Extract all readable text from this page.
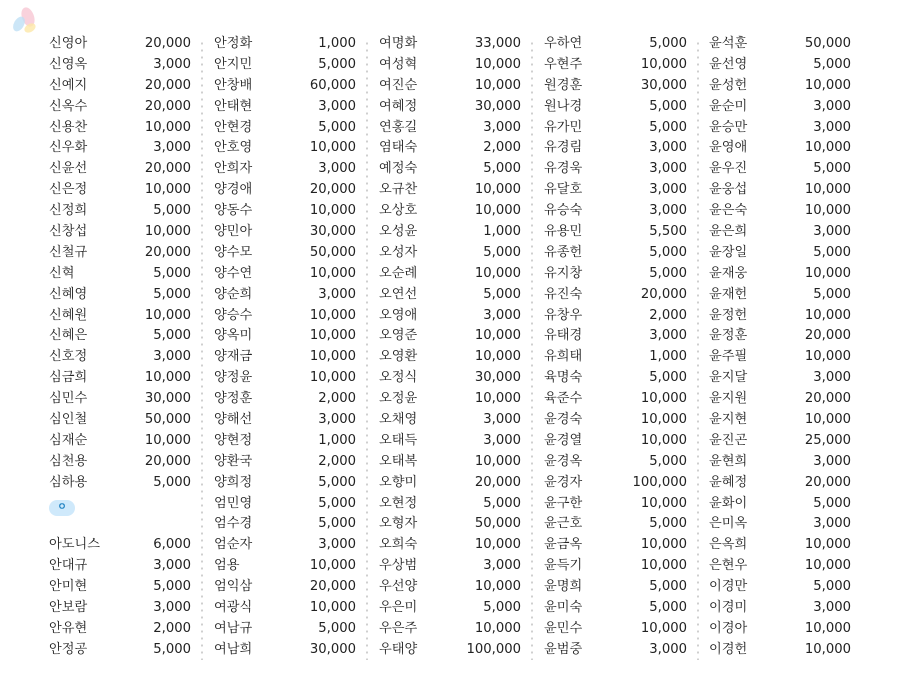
신영아	20,000
신영옥	3,000
신예지	20,000
신옥수	20,000
신용찬	10,000
신우화	3,000
신윤선	20,000
신은정	10,000
신정희	5,000
신창섭	10,000
신철규	20,000
신혁	5,000
신혜영	5,000
신혜원	10,000
신혜은	5,000
신호정	3,000
심금희	10,000
심민수	30,000
심인철	50,000
심재순	10,000
심천용	20,000
심하용	5,000
ㅇ
아도니스	6,000
안대규	3,000
안미현	5,000
안보람	3,000
안유현	2,000
안정공	5,000
안정화	1,000
안지민	5,000
안창배	60,000
안태현	3,000
안현경	5,000
안호영	10,000
안희자	3,000
양경애	20,000
양동수	10,000
양민아	30,000
양수모	50,000
양수연	10,000
양순희	3,000
양승수	10,000
양옥미	10,000
양재금	10,000
양정윤	10,000
양정훈	2,000
양해선	3,000
양현정	1,000
양환국	2,000
양희정	5,000
엄민영	5,000
엄수경	5,000
엄순자	3,000
엄용	10,000
엄익삼	20,000
여광식	10,000
여남규	5,000
여남희	30,000
여명화	33,000
여성혁	10,000
여진순	10,000
여혜정	30,000
연홍길	3,000
염태숙	2,000
예정숙	5,000
오규찬	10,000
오상호	10,000
오성윤	1,000
오성자	5,000
오순례	10,000
오연선	5,000
오영애	3,000
오영준	10,000
오영환	10,000
오정식	30,000
오정윤	10,000
오채영	3,000
오태득	3,000
오태복	10,000
오향미	20,000
오현정	5,000
오형자	50,000
오희숙	10,000
우상범	3,000
우선양	10,000
우은미	5,000
우은주	10,000
우태양	100,000
우하연	5,000
우현주	10,000
원경훈	30,000
원나경	5,000
유가민	5,000
유경림	3,000
유경욱	3,000
유달호	3,000
유승숙	3,000
유용민	5,500
유종헌	5,000
유지창	5,000
유진숙	20,000
유창우	2,000
유태경	3,000
유희태	1,000
육명숙	5,000
육준수	10,000
윤경숙	10,000
윤경열	10,000
윤경옥	5,000
윤경자	100,000
윤구한	10,000
윤근호	5,000
윤금옥	10,000
윤득기	10,000
윤명희	5,000
윤미숙	5,000
윤민수	10,000
윤범중	3,000
윤석훈	50,000
윤선영	5,000
윤성헌	10,000
윤순미	3,000
윤승만	3,000
윤영애	10,000
윤우진	5,000
윤웅섭	10,000
윤은숙	10,000
윤은희	3,000
윤장일	5,000
윤재웅	10,000
윤재헌	5,000
윤정헌	10,000
윤정훈	20,000
윤주필	10,000
윤지달	3,000
윤지원	20,000
윤지현	10,000
윤진곤	25,000
윤현희	3,000
윤혜정	20,000
윤화이	5,000
은미옥	3,000
은옥희	10,000
은현우	10,000
이경만	5,000
이경미	3,000
이경아	10,000
이경헌	10,000
